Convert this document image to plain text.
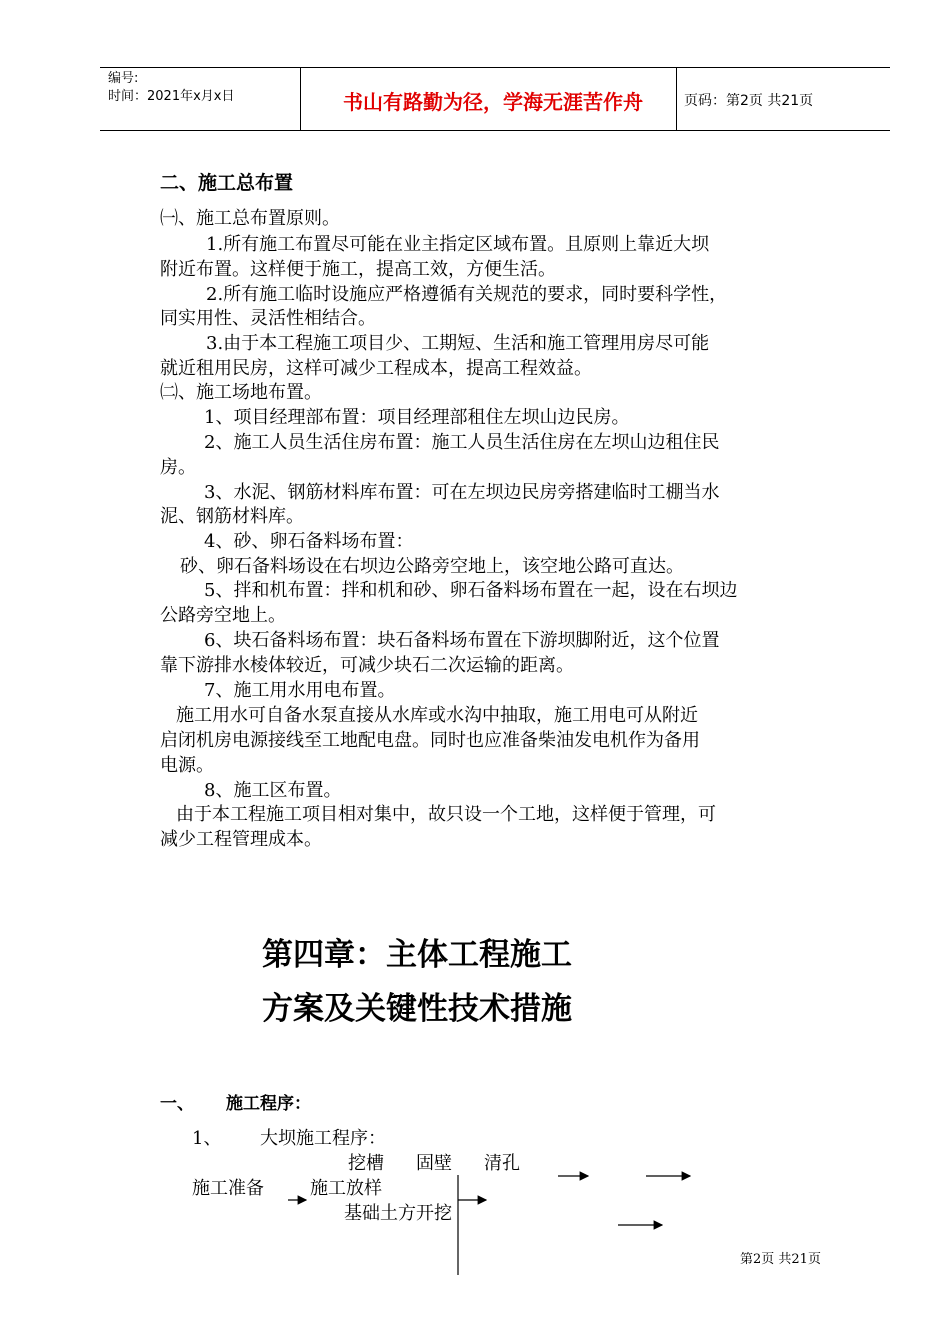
编号:
时间：2021年x月x日	书山有路勤为径，学海无涯苦作舟	页码：第2页 共21页
二、施工总布置
㈠、施工总布置原则。
1.所有施工布置尽可能在业主指定区域布置。且原则上靠近大坝
附近布置。这样便于施工，提高工效，方便生活。
2.所有施工临时设施应严格遵循有关规范的要求，同时要科学性，
同实用性、灵活性相结合。
3.由于本工程施工项目少、工期短、生活和施工管理用房尽可能
就近租用民房，这样可减少工程成本，提高工程效益。
㈡、施工场地布置。
1、项目经理部布置：项目经理部租住左坝山边民房。
2、施工人员生活住房布置：施工人员生活住房在左坝山边租住民
房。
3、水泥、钢筋材料库布置：可在左坝边民房旁搭建临时工棚当水
泥、钢筋材料库。
4、砂、卵石备料场布置：
砂、卵石备料场设在右坝边公路旁空地上，该空地公路可直达。
5、拌和机布置：拌和机和砂、卵石备料场布置在一起，设在右坝边
公路旁空地上。
6、块石备料场布置：块石备料场布置在下游坝脚附近，这个位置
靠下游排水棱体较近，可减少块石二次运输的距离。
7、施工用水用电布置。
施工用水可自备水泵直接从水库或水沟中抽取，施工用电可从附近
启闭机房电源接线至工地配电盘。同时也应准备柴油发电机作为备用
电源。
8、施工区布置。
由于本工程施工项目相对集中，故只设一个工地，这样便于管理，可
减少工程管理成本。
第四章：主体工程施工
方案及关键性技术措施
一、 施工程序：
1、 大坝施工程序：
挖槽 固壁 清孔
施工准备	施工放样
基础土方开挖
第2页 共21页
